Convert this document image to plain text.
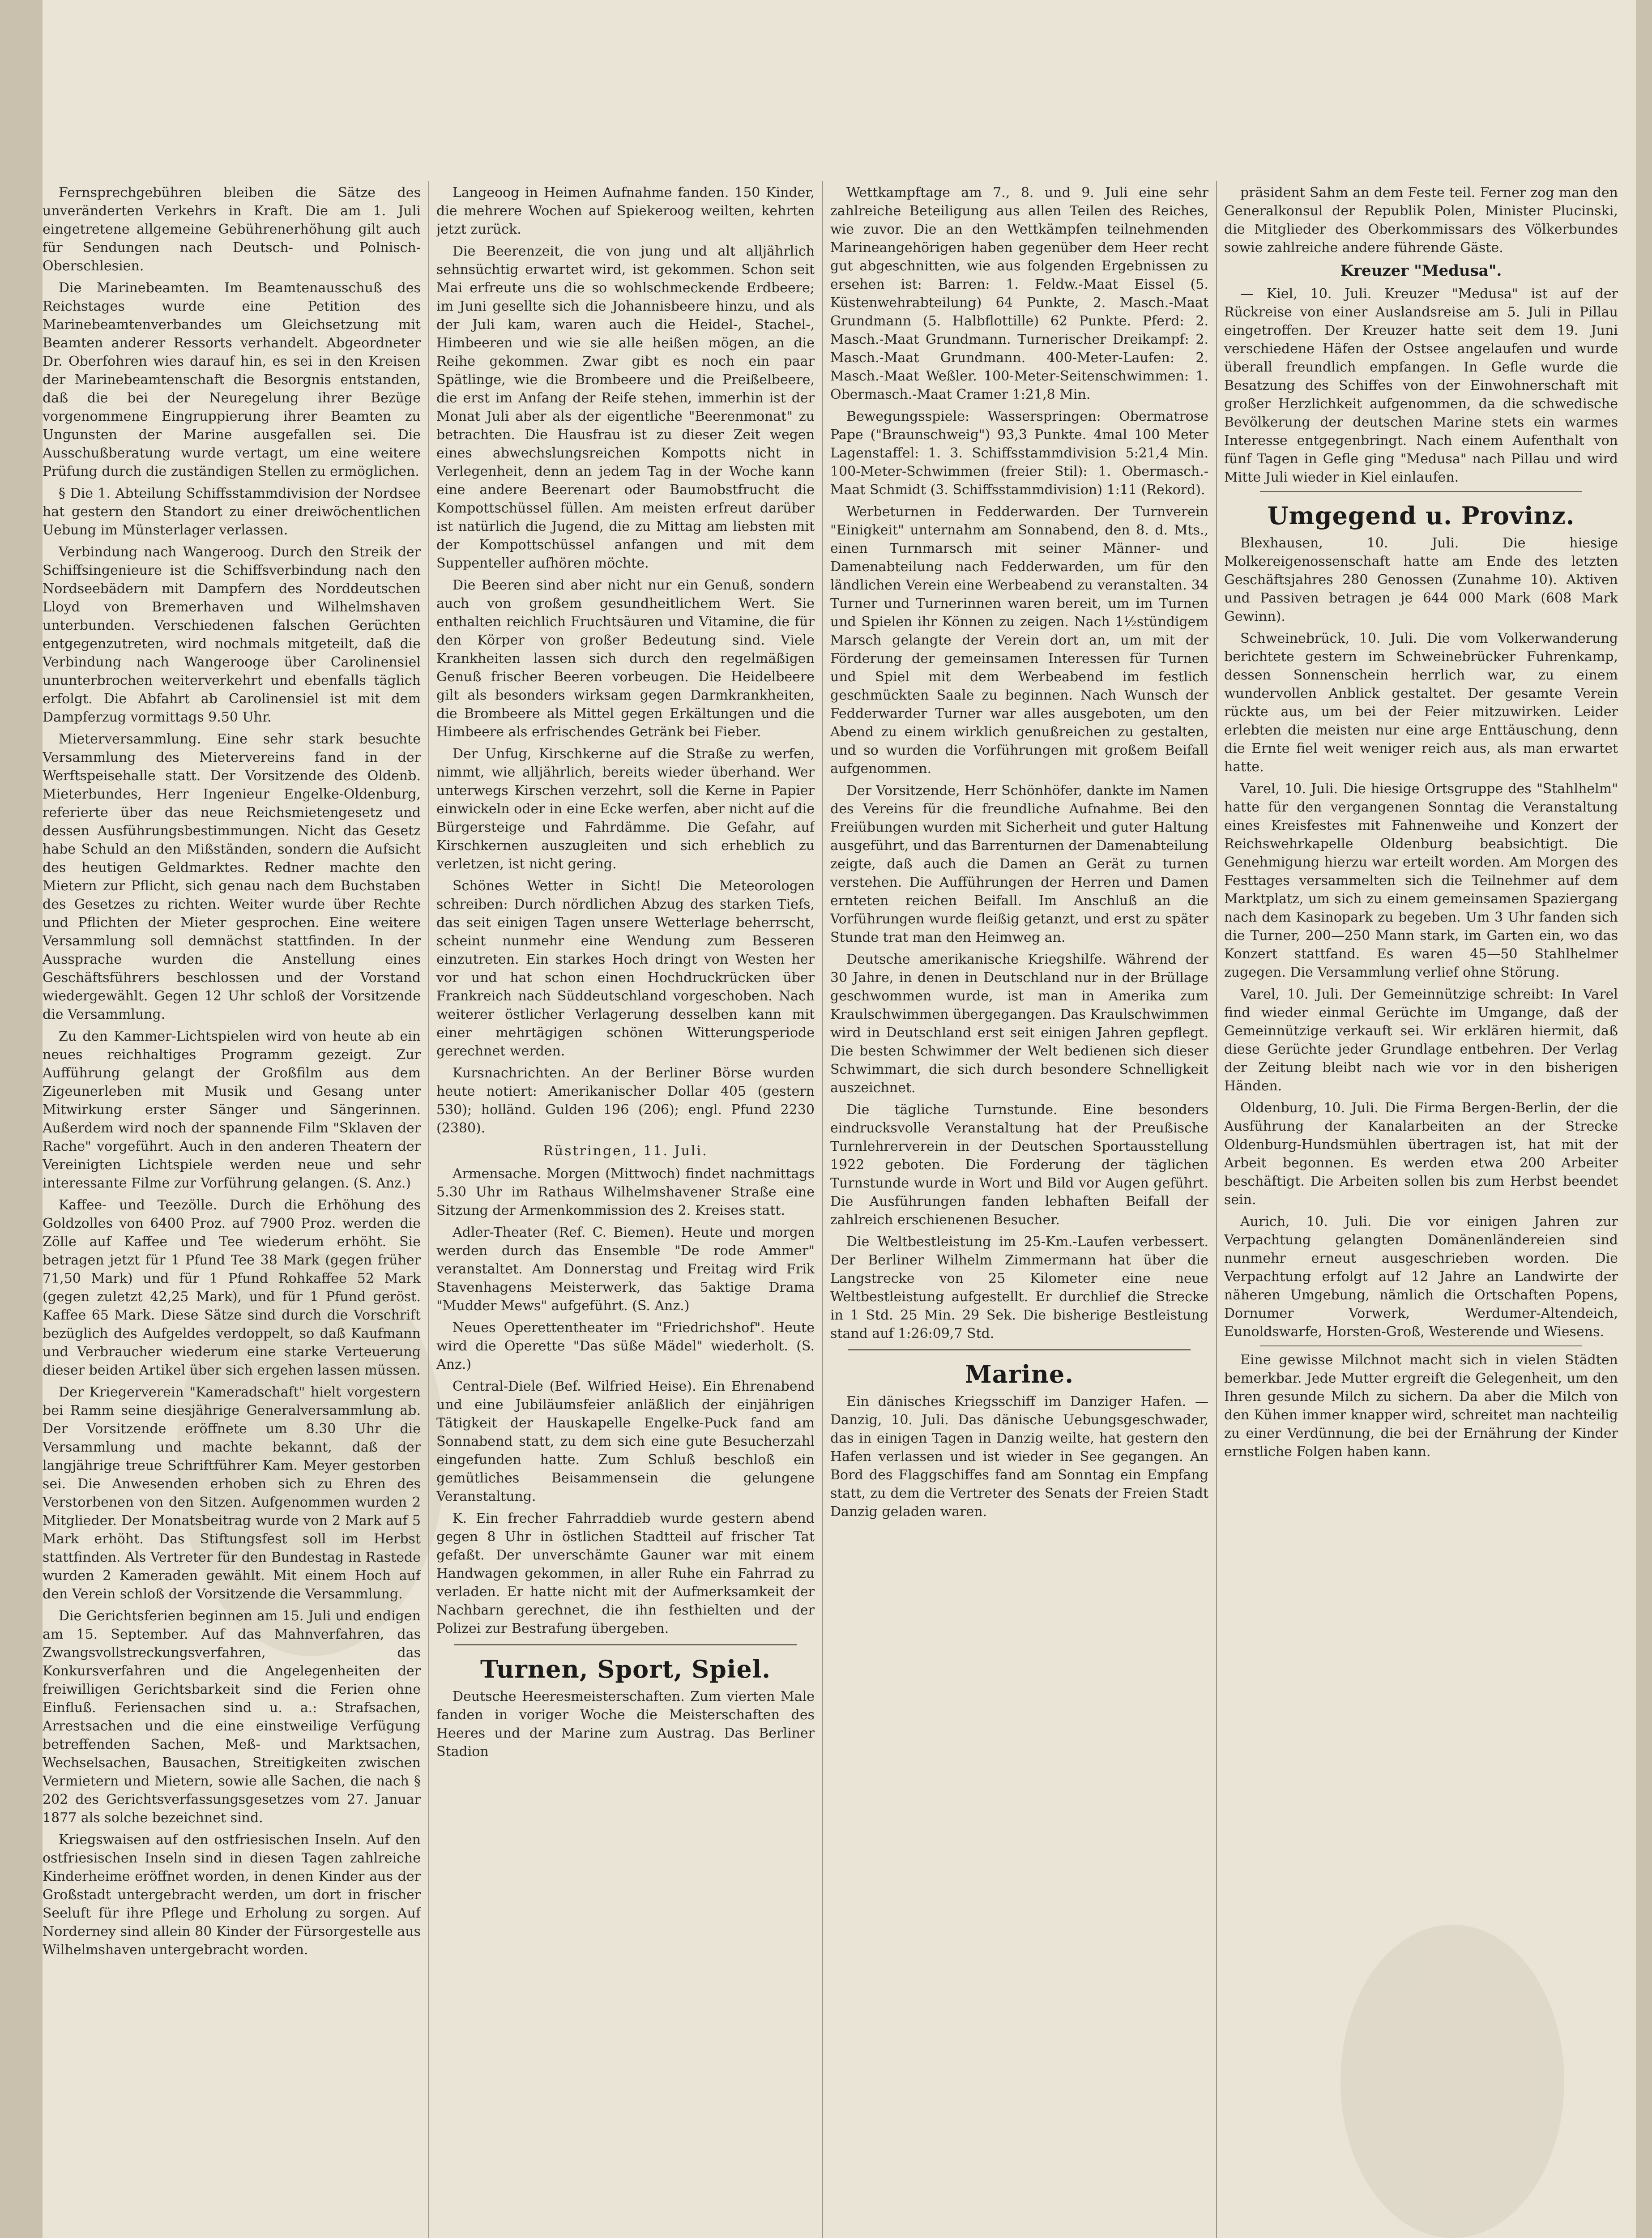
Fernsprechgebühren bleiben die Sätze des unveränderten Verkehrs in Kraft. Die am 1. Juli eingetretene allgemeine Gebührenerhöhung gilt auch für Sendungen nach Deutsch- und Polnisch-Oberschlesien.

Die Marinebeamten. Im Beamtenausschuß des Reichstages wurde eine Petition des Marinebeamtenverbandes um Gleichsetzung mit Beamten anderer Ressorts verhandelt. Abgeordneter Dr. Oberfohren wies darauf hin, es sei in den Kreisen der Marinebeamtenschaft die Besorgnis entstanden, daß die bei der Neuregelung ihrer Bezüge vorgenommene Eingruppierung ihrer Beamten zu Ungunsten der Marine ausgefallen sei. Die Ausschußberatung wurde vertagt, um eine weitere Prüfung durch die zuständigen Stellen zu ermöglichen.

§ Die 1. Abteilung Schiffsstammdivision der Nordsee hat gestern den Standort zu einer dreiwöchentlichen Uebung im Münsterlager verlassen.

Verbindung nach Wangeroog. Durch den Streik der Schiffsingenieure ist die Schiffsverbindung nach den Nordseebädern mit Dampfern des Norddeutschen Lloyd von Bremerhaven und Wilhelmshaven unterbunden. Verschiedenen falschen Gerüchten entgegenzutreten, wird nochmals mitgeteilt, daß die Verbindung nach Wangerooge über Carolinensiel ununterbrochen weiterverkehrt und ebenfalls täglich erfolgt. Die Abfahrt ab Carolinensiel ist mit dem Dampferzug vormittags 9.50 Uhr.

Mieterversammlung. Eine sehr stark besuchte Versammlung des Mietervereins fand in der Werftspeisehalle statt. Der Vorsitzende des Oldenb. Mieterbundes, Herr Ingenieur Engelke-Oldenburg, referierte über das neue Reichsmietengesetz und dessen Ausführungsbestimmungen. Nicht das Gesetz habe Schuld an den Mißständen, sondern die Aufsicht des heutigen Geldmarktes. Redner machte den Mietern zur Pflicht, sich genau nach dem Buchstaben des Gesetzes zu richten. Weiter wurde über Rechte und Pflichten der Mieter gesprochen. Eine weitere Versammlung soll demnächst stattfinden. In der Aussprache wurden die Anstellung eines Geschäftsführers beschlossen und der Vorstand wiedergewählt. Gegen 12 Uhr schloß der Vorsitzende die Versammlung.

Zu den Kammer-Lichtspielen wird von heute ab ein neues reichhaltiges Programm gezeigt. Zur Aufführung gelangt der Großfilm aus dem Zigeunerleben mit Musik und Gesang unter Mitwirkung erster Sänger und Sängerinnen. Außerdem wird noch der spannende Film "Sklaven der Rache" vorgeführt. Auch in den anderen Theatern der Vereinigten Lichtspiele werden neue und sehr interessante Filme zur Vorführung gelangen. (S. Anz.)

Kaffee- und Teezölle. Durch die Erhöhung des Goldzolles von 6400 Proz. auf 7900 Proz. werden die Zölle auf Kaffee und Tee wiederum erhöht. Sie betragen jetzt für 1 Pfund Tee 38 Mark (gegen früher 71,50 Mark) und für 1 Pfund Rohkaffee 52 Mark (gegen zuletzt 42,25 Mark), und für 1 Pfund geröst. Kaffee 65 Mark. Diese Sätze sind durch die Vorschrift bezüglich des Aufgeldes verdoppelt, so daß Kaufmann und Verbraucher wiederum eine starke Verteuerung dieser beiden Artikel über sich ergehen lassen müssen.

Der Kriegerverein "Kameradschaft" hielt vorgestern bei Ramm seine diesjährige Generalversammlung ab. Der Vorsitzende eröffnete um 8.30 Uhr die Versammlung und machte bekannt, daß der langjährige treue Schriftführer Kam. Meyer gestorben sei. Die Anwesenden erhoben sich zu Ehren des Verstorbenen von den Sitzen. Aufgenommen wurden 2 Mitglieder. Der Monatsbeitrag wurde von 2 Mark auf 5 Mark erhöht. Das Stiftungsfest soll im Herbst stattfinden. Als Vertreter für den Bundestag in Rastede wurden 2 Kameraden gewählt. Mit einem Hoch auf den Verein schloß der Vorsitzende die Versammlung.

Die Gerichtsferien beginnen am 15. Juli und endigen am 15. September. Auf das Mahnverfahren, das Zwangsvollstreckungsverfahren, das Konkursverfahren und die Angelegenheiten der freiwilligen Gerichtsbarkeit sind die Ferien ohne Einfluß. Feriensachen sind u. a.: Strafsachen, Arrestsachen und die eine einstweilige Verfügung betreffenden Sachen, Meß- und Marktsachen, Wechselsachen, Bausachen, Streitigkeiten zwischen Vermietern und Mietern, sowie alle Sachen, die nach § 202 des Gerichtsverfassungsgesetzes vom 27. Januar 1877 als solche bezeichnet sind.

Kriegswaisen auf den ostfriesischen Inseln. Auf den ostfriesischen Inseln sind in diesen Tagen zahlreiche Kinderheime eröffnet worden, in denen Kinder aus der Großstadt untergebracht werden, um dort in frischer Seeluft für ihre Pflege und Erholung zu sorgen. Auf Norderney sind allein 80 Kinder der Fürsorgestelle aus Wilhelmshaven untergebracht worden.

Langeoog in Heimen Aufnahme fanden. 150 Kinder, die mehrere Wochen auf Spiekeroog weilten, kehrten jetzt zurück.

Die Beerenzeit, die von jung und alt alljährlich sehnsüchtig erwartet wird, ist gekommen. Schon seit Mai erfreute uns die so wohlschmeckende Erdbeere; im Juni gesellte sich die Johannisbeere hinzu, und als der Juli kam, waren auch die Heidel-, Stachel-, Himbeeren und wie sie alle heißen mögen, an die Reihe gekommen. Zwar gibt es noch ein paar Spätlinge, wie die Brombeere und die Preißelbeere, die erst im Anfang der Reife stehen, immerhin ist der Monat Juli aber als der eigentliche "Beerenmonat" zu betrachten. Die Hausfrau ist zu dieser Zeit wegen eines abwechslungsreichen Kompotts nicht in Verlegenheit, denn an jedem Tag in der Woche kann eine andere Beerenart oder Baumobstfrucht die Kompottschüssel füllen. Am meisten erfreut darüber ist natürlich die Jugend, die zu Mittag am liebsten mit der Kompottschüssel anfangen und mit dem Suppenteller aufhören möchte.

Die Beeren sind aber nicht nur ein Genuß, sondern auch von großem gesundheitlichem Wert. Sie enthalten reichlich Fruchtsäuren und Vitamine, die für den Körper von großer Bedeutung sind. Viele Krankheiten lassen sich durch den regelmäßigen Genuß frischer Beeren vorbeugen. Die Heidelbeere gilt als besonders wirksam gegen Darmkrankheiten, die Brombeere als Mittel gegen Erkältungen und die Himbeere als erfrischendes Getränk bei Fieber.

Der Unfug, Kirschkerne auf die Straße zu werfen, nimmt, wie alljährlich, bereits wieder überhand. Wer unterwegs Kirschen verzehrt, soll die Kerne in Papier einwickeln oder in eine Ecke werfen, aber nicht auf die Bürgersteige und Fahrdämme. Die Gefahr, auf Kirschkernen auszugleiten und sich erheblich zu verletzen, ist nicht gering.

Schönes Wetter in Sicht! Die Meteorologen schreiben: Durch nördlichen Abzug des starken Tiefs, das seit einigen Tagen unsere Wetterlage beherrscht, scheint nunmehr eine Wendung zum Besseren einzutreten. Ein starkes Hoch dringt von Westen her vor und hat schon einen Hochdruckrücken über Frankreich nach Süddeutschland vorgeschoben. Nach weiterer östlicher Verlagerung desselben kann mit einer mehrtägigen schönen Witterungsperiode gerechnet werden.

Kursnachrichten. An der Berliner Börse wurden heute notiert: Amerikanischer Dollar 405 (gestern 530); holländ. Gulden 196 (206); engl. Pfund 2230 (2380).

Rüstringen, 11. Juli.

Armensache. Morgen (Mittwoch) findet nachmittags 5.30 Uhr im Rathaus Wilhelmshavener Straße eine Sitzung der Armenkommission des 2. Kreises statt.

Adler-Theater (Ref. C. Biemen). Heute und morgen werden durch das Ensemble "De rode Ammer" veranstaltet. Am Donnerstag und Freitag wird Frik Stavenhagens Meisterwerk, das 5aktige Drama "Mudder Mews" aufgeführt. (S. Anz.)

Neues Operettentheater im "Friedrichshof". Heute wird die Operette "Das süße Mädel" wiederholt. (S. Anz.)

Central-Diele (Bef. Wilfried Heise). Ein Ehrenabend und eine Jubiläumsfeier anläßlich der einjährigen Tätigkeit der Hauskapelle Engelke-Puck fand am Sonnabend statt, zu dem sich eine gute Besucherzahl eingefunden hatte. Zum Schluß beschloß ein gemütliches Beisammensein die gelungene Veranstaltung.

K. Ein frecher Fahrraddieb wurde gestern abend gegen 8 Uhr in östlichen Stadtteil auf frischer Tat gefaßt. Der unverschämte Gauner war mit einem Handwagen gekommen, in aller Ruhe ein Fahrrad zu verladen. Er hatte nicht mit der Aufmerksamkeit der Nachbarn gerechnet, die ihn festhielten und der Polizei zur Bestrafung übergeben.

Turnen, Sport, Spiel.

Deutsche Heeresmeisterschaften. Zum vierten Male fanden in voriger Woche die Meisterschaften des Heeres und der Marine zum Austrag. Das Berliner Stadion

Wettkampftage am 7., 8. und 9. Juli eine sehr zahlreiche Beteiligung aus allen Teilen des Reiches, wie zuvor. Die an den Wettkämpfen teilnehmenden Marineangehörigen haben gegenüber dem Heer recht gut abgeschnitten, wie aus folgenden Ergebnissen zu ersehen ist: Barren: 1. Feldw.-Maat Eissel (5. Küstenwehrabteilung) 64 Punkte, 2. Masch.-Maat Grundmann (5. Halbflottille) 62 Punkte. Pferd: 2. Masch.-Maat Grundmann. Turnerischer Dreikampf: 2. Masch.-Maat Grundmann. 400-Meter-Laufen: 2. Masch.-Maat Weßler. 100-Meter-Seitenschwimmen: 1. Obermasch.-Maat Cramer 1:21,8 Min.

Bewegungsspiele: Wasserspringen: Obermatrose Pape ("Braunschweig") 93,3 Punkte. 4mal 100 Meter Lagenstaffel: 1. 3. Schiffsstammdivision 5:21,4 Min. 100-Meter-Schwimmen (freier Stil): 1. Obermasch.-Maat Schmidt (3. Schiffsstammdivision) 1:11 (Rekord).

Werbeturnen in Fedderwarden. Der Turnverein "Einigkeit" unternahm am Sonnabend, den 8. d. Mts., einen Turnmarsch mit seiner Männer- und Damenabteilung nach Fedderwarden, um für den ländlichen Verein eine Werbeabend zu veranstalten. 34 Turner und Turnerinnen waren bereit, um im Turnen und Spielen ihr Können zu zeigen. Nach 1½stündigem Marsch gelangte der Verein dort an, um mit der Förderung der gemeinsamen Interessen für Turnen und Spiel mit dem Werbeabend im festlich geschmückten Saale zu beginnen. Nach Wunsch der Fedderwarder Turner war alles ausgeboten, um den Abend zu einem wirklich genußreichen zu gestalten, und so wurden die Vorführungen mit großem Beifall aufgenommen.

Der Vorsitzende, Herr Schönhöfer, dankte im Namen des Vereins für die freundliche Aufnahme. Bei den Freiübungen wurden mit Sicherheit und guter Haltung ausgeführt, und das Barrenturnen der Damenabteilung zeigte, daß auch die Damen an Gerät zu turnen verstehen. Die Aufführungen der Herren und Damen ernteten reichen Beifall. Im Anschluß an die Vorführungen wurde fleißig getanzt, und erst zu später Stunde trat man den Heimweg an.

Deutsche amerikanische Kriegshilfe. Während der 30 Jahre, in denen in Deutschland nur in der Brüllage geschwommen wurde, ist man in Amerika zum Kraulschwimmen übergegangen. Das Kraulschwimmen wird in Deutschland erst seit einigen Jahren gepflegt. Die besten Schwimmer der Welt bedienen sich dieser Schwimmart, die sich durch besondere Schnelligkeit auszeichnet.

Die tägliche Turnstunde. Eine besonders eindrucksvolle Veranstaltung hat der Preußische Turnlehrerverein in der Deutschen Sportausstellung 1922 geboten. Die Forderung der täglichen Turnstunde wurde in Wort und Bild vor Augen geführt. Die Ausführungen fanden lebhaften Beifall der zahlreich erschienenen Besucher.

Die Weltbestleistung im 25-Km.-Laufen verbessert. Der Berliner Wilhelm Zimmermann hat über die Langstrecke von 25 Kilometer eine neue Weltbestleistung aufgestellt. Er durchlief die Strecke in 1 Std. 25 Min. 29 Sek. Die bisherige Bestleistung stand auf 1:26:09,7 Std.

Marine.

Ein dänisches Kriegsschiff im Danziger Hafen. — Danzig, 10. Juli. Das dänische Uebungsgeschwader, das in einigen Tagen in Danzig weilte, hat gestern den Hafen verlassen und ist wieder in See gegangen. An Bord des Flaggschiffes fand am Sonntag ein Empfang statt, zu dem die Vertreter des Senats der Freien Stadt Danzig geladen waren.

präsident Sahm an dem Feste teil. Ferner zog man den Generalkonsul der Republik Polen, Minister Plucinski, die Mitglieder des Oberkommissars des Völkerbundes sowie zahlreiche andere führende Gäste.

Kreuzer "Medusa".

— Kiel, 10. Juli. Kreuzer "Medusa" ist auf der Rückreise von einer Auslandsreise am 5. Juli in Pillau eingetroffen. Der Kreuzer hatte seit dem 19. Juni verschiedene Häfen der Ostsee angelaufen und wurde überall freundlich empfangen. In Gefle wurde die Besatzung des Schiffes von der Einwohnerschaft mit großer Herzlichkeit aufgenommen, da die schwedische Bevölkerung der deutschen Marine stets ein warmes Interesse entgegenbringt. Nach einem Aufenthalt von fünf Tagen in Gefle ging "Medusa" nach Pillau und wird Mitte Juli wieder in Kiel einlaufen.

Umgegend u. Provinz.

Blexhausen, 10. Juli. Die hiesige Molkereigenossenschaft hatte am Ende des letzten Geschäftsjahres 280 Genossen (Zunahme 10). Aktiven und Passiven betragen je 644 000 Mark (608 Mark Gewinn).

Schweinebrück, 10. Juli. Die vom Volkerwanderung berichtete gestern im Schweinebrücker Fuhrenkamp, dessen Sonnenschein herrlich war, zu einem wundervollen Anblick gestaltet. Der gesamte Verein rückte aus, um bei der Feier mitzuwirken. Leider erlebten die meisten nur eine arge Enttäuschung, denn die Ernte fiel weit weniger reich aus, als man erwartet hatte.

Varel, 10. Juli. Die hiesige Ortsgruppe des "Stahlhelm" hatte für den vergangenen Sonntag die Veranstaltung eines Kreisfestes mit Fahnenweihe und Konzert der Reichswehrkapelle Oldenburg beabsichtigt. Die Genehmigung hierzu war erteilt worden. Am Morgen des Festtages versammelten sich die Teilnehmer auf dem Marktplatz, um sich zu einem gemeinsamen Spaziergang nach dem Kasinopark zu begeben. Um 3 Uhr fanden sich die Turner, 200—250 Mann stark, im Garten ein, wo das Konzert stattfand. Es waren 45—50 Stahlhelmer zugegen. Die Versammlung verlief ohne Störung.

Varel, 10. Juli. Der Gemeinnützige schreibt: In Varel find wieder einmal Gerüchte im Umgange, daß der Gemeinnützige verkauft sei. Wir erklären hiermit, daß diese Gerüchte jeder Grundlage entbehren. Der Verlag der Zeitung bleibt nach wie vor in den bisherigen Händen.

Oldenburg, 10. Juli. Die Firma Bergen-Berlin, der die Ausführung der Kanalarbeiten an der Strecke Oldenburg-Hundsmühlen übertragen ist, hat mit der Arbeit begonnen. Es werden etwa 200 Arbeiter beschäftigt. Die Arbeiten sollen bis zum Herbst beendet sein.

Aurich, 10. Juli. Die vor einigen Jahren zur Verpachtung gelangten Domänenländereien sind nunmehr erneut ausgeschrieben worden. Die Verpachtung erfolgt auf 12 Jahre an Landwirte der näheren Umgebung, nämlich die Ortschaften Popens, Dornumer Vorwerk, Werdumer-Altendeich, Eunoldswarfe, Horsten-Groß, Westerende und Wiesens.

Eine gewisse Milchnot macht sich in vielen Städten bemerkbar. Jede Mutter ergreift die Gelegenheit, um den Ihren gesunde Milch zu sichern. Da aber die Milch von den Kühen immer knapper wird, schreitet man nachteilig zu einer Verdünnung, die bei der Ernährung der Kinder ernstliche Folgen haben kann.
